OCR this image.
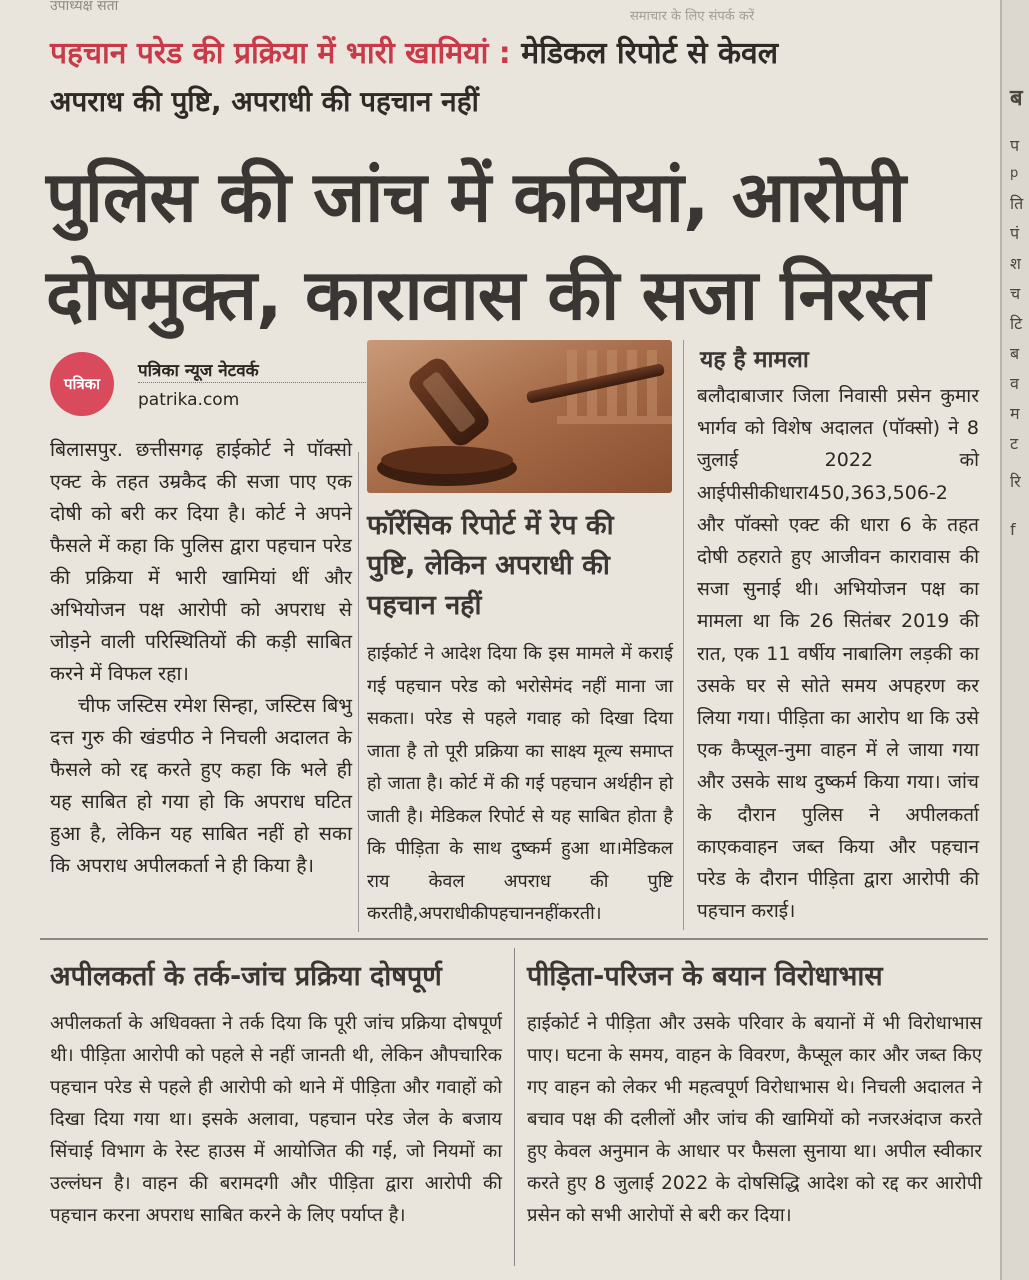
उपाध्यक्ष सता
समाचार के लिए संपर्क करें
पहचान परेड की प्रक्रिया में भारी खामियां : मेडिकल रिपोर्ट से केवल
अपराध की पुष्टि, अपराधी की पहचान नहीं
पुलिस की जांच में कमियां, आरोपी
दोषमुक्त, कारावास की सजा निरस्त
पत्रिका
पत्रिका न्यूज नेटवर्क
patrika.com

बिलासपुर. छत्तीसगढ़ हाईकोर्ट ने पॉक्सो एक्ट के तहत उम्रकैद की सजा पाए एक दोषी को बरी कर दिया है। कोर्ट ने अपने फैसले में कहा कि पुलिस द्वारा पहचान परेड की प्रक्रिया में भारी खामियां थीं और अभियोजन पक्ष आरोपी को अपराध से जोड़ने वाली परिस्थितियों की कड़ी साबित करने में विफल रहा।

चीफ जस्टिस रमेश सिन्हा, जस्टिस बिभु दत्त गुरु की खंडपीठ ने निचली अदालत के फैसले को रद्द करते हुए कहा कि भले ही यह साबित हो गया हो कि अपराध घटित हुआ है, लेकिन यह साबित नहीं हो सका कि अपराध अपीलकर्ता ने ही किया है।

फॉरेंसिक रिपोर्ट में रेप की पुष्टि, लेकिन अपराधी की पहचान नहीं
हाईकोर्ट ने आदेश दिया कि इस मामले में कराई गई पहचान परेड को भरोसेमंद नहीं माना जा सकता। परेड से पहले गवाह को दिखा दिया जाता है तो पूरी प्रक्रिया का साक्ष्य मूल्य समाप्त हो जाता है। कोर्ट में की गई पहचान अर्थहीन हो जाती है। मेडिकल रिपोर्ट से यह साबित होता है कि पीड़िता के साथ दुष्कर्म हुआ था।मेडिकल राय केवल अपराध की पुष्टि करतीहै,अपराधीकीपहचाननहींकरती।
यह है मामला
बलौदाबाजार जिला निवासी प्रसेन कुमार भार्गव को विशेष अदालत (पॉक्सो) ने 8 जुलाई 2022 को आईपीसीकीधारा450,363,506-2 और पॉक्सो एक्ट की धारा 6 के तहत दोषी ठहराते हुए आजीवन कारावास की सजा सुनाई थी। अभियोजन पक्ष का मामला था कि 26 सितंबर 2019 की रात, एक 11 वर्षीय नाबालिग लड़की का उसके घर से सोते समय अपहरण कर लिया गया। पीड़िता का आरोप था कि उसे एक कैप्सूल-नुमा वाहन में ले जाया गया और उसके साथ दुष्कर्म किया गया। जांच के दौरान पुलिस ने अपीलकर्ता काएकवाहन जब्त किया और पहचान परेड के दौरान पीड़िता द्वारा आरोपी की पहचान कराई।
अपीलकर्ता के तर्क-जांच प्रक्रिया दोषपूर्ण
अपीलकर्ता के अधिवक्ता ने तर्क दिया कि पूरी जांच प्रक्रिया दोषपूर्ण थी। पीड़िता आरोपी को पहले से नहीं जानती थी, लेकिन औपचारिक पहचान परेड से पहले ही आरोपी को थाने में पीड़िता और गवाहों को दिखा दिया गया था। इसके अलावा, पहचान परेड जेल के बजाय सिंचाई विभाग के रेस्ट हाउस में आयोजित की गई, जो नियमों का उल्लंघन है। वाहन की बरामदगी और पीड़िता द्वारा आरोपी की पहचान करना अपराध साबित करने के लिए पर्याप्त है।
पीड़िता-परिजन के बयान विरोधाभास
हाईकोर्ट ने पीड़िता और उसके परिवार के बयानों में भी विरोधाभास पाए। घटना के समय, वाहन के विवरण, कैप्सूल कार और जब्त किए गए वाहन को लेकर भी महत्वपूर्ण विरोधाभास थे। निचली अदालत ने बचाव पक्ष की दलीलों और जांच की खामियों को नजरअंदाज करते हुए केवल अनुमान के आधार पर फैसला सुनाया था। अपील स्वीकार करते हुए 8 जुलाई 2022 के दोषसिद्धि आदेश को रद्द कर आरोपी प्रसेन को सभी आरोपों से बरी कर दिया।
ब
प
p
ति
पं
श
च
टि
ब
व
म
ट
रि
f
